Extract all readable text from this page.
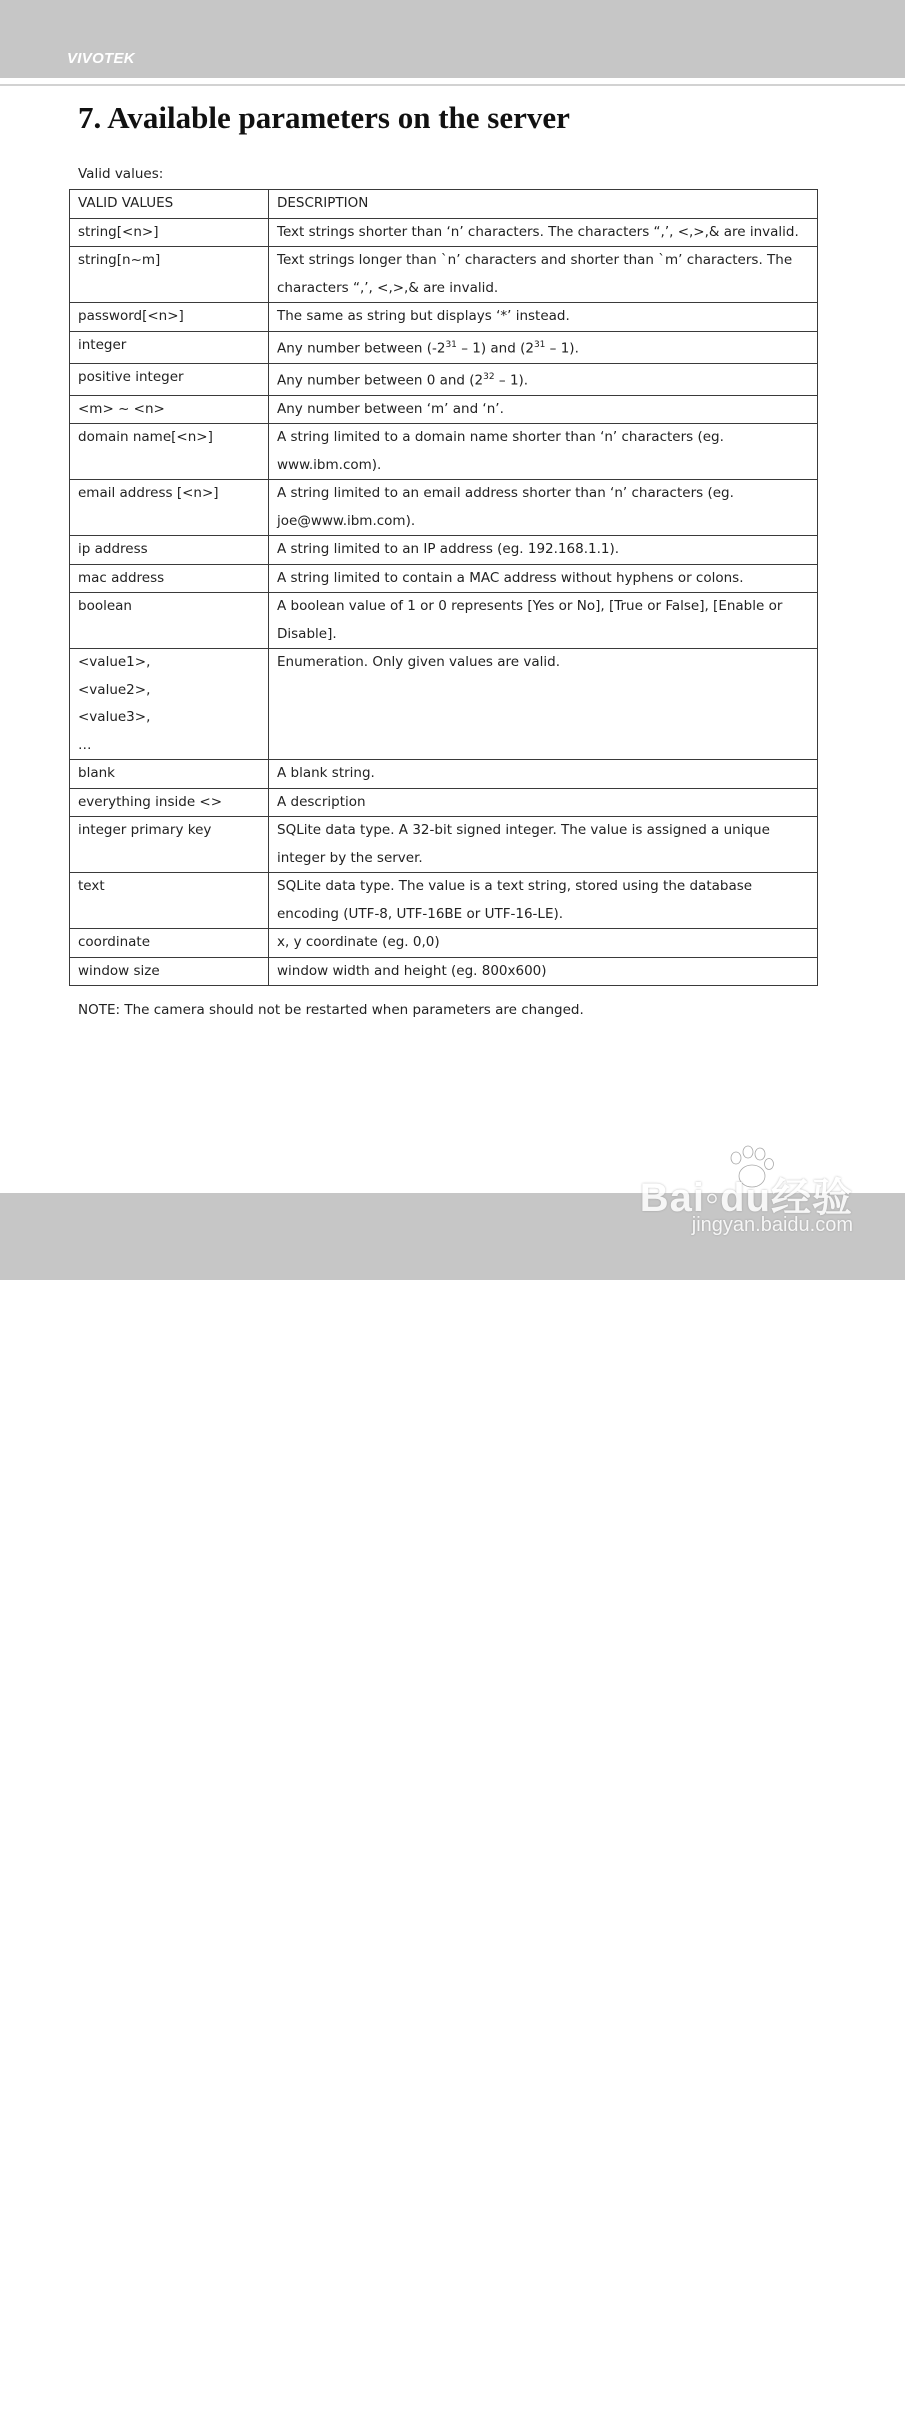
VIVOTEK
7. Available parameters on the server
Valid values:
VALID VALUES	DESCRIPTION
string[<n>]	Text strings shorter than ‘n’ characters. The characters “,’, <,>,& are invalid.
string[n~m]	Text strings longer than `n’ characters and shorter than `m’ characters. The characters “,’, <,>,& are invalid.
password[<n>]	The same as string but displays ‘*’ instead.
integer	Any number between $(-2^{31} - 1)$ and $(2^{31} - 1)$.
positive integer	Any number between 0 and $(2^{32} - 1)$.
<m> ~ <n>	Any number between ‘m’ and ‘n’.
domain name[<n>]	A string limited to a domain name shorter than ‘n’ characters (eg. www.ibm.com).
email address [<n>]	A string limited to an email address shorter than ‘n’ characters (eg. joe@www.ibm.com).
ip address	A string limited to an IP address (eg. 192.168.1.1).
mac address	A string limited to contain a MAC address without hyphens or colons.
boolean	A boolean value of 1 or 0 represents [Yes or No], [True or False], [Enable or Disable].

<value1>,
<value2>,
<value3>,
…	Enumeration. Only given values are valid.
blank	A blank string.
everything inside <>	A description
integer primary key	SQLite data type. A 32-bit signed integer. The value is assigned a unique integer by the server.
text	SQLite data type. The value is a text string, stored using the database encoding (UTF-8, UTF-16BE or UTF-16-LE).
coordinate	x, y coordinate (eg. 0,0)
window size	window width and height (eg. 800x600)
NOTE: The camera should not be restarted when parameters are changed.
116 - User's Manual
Bai◦du经验
jingyan.baidu.com
